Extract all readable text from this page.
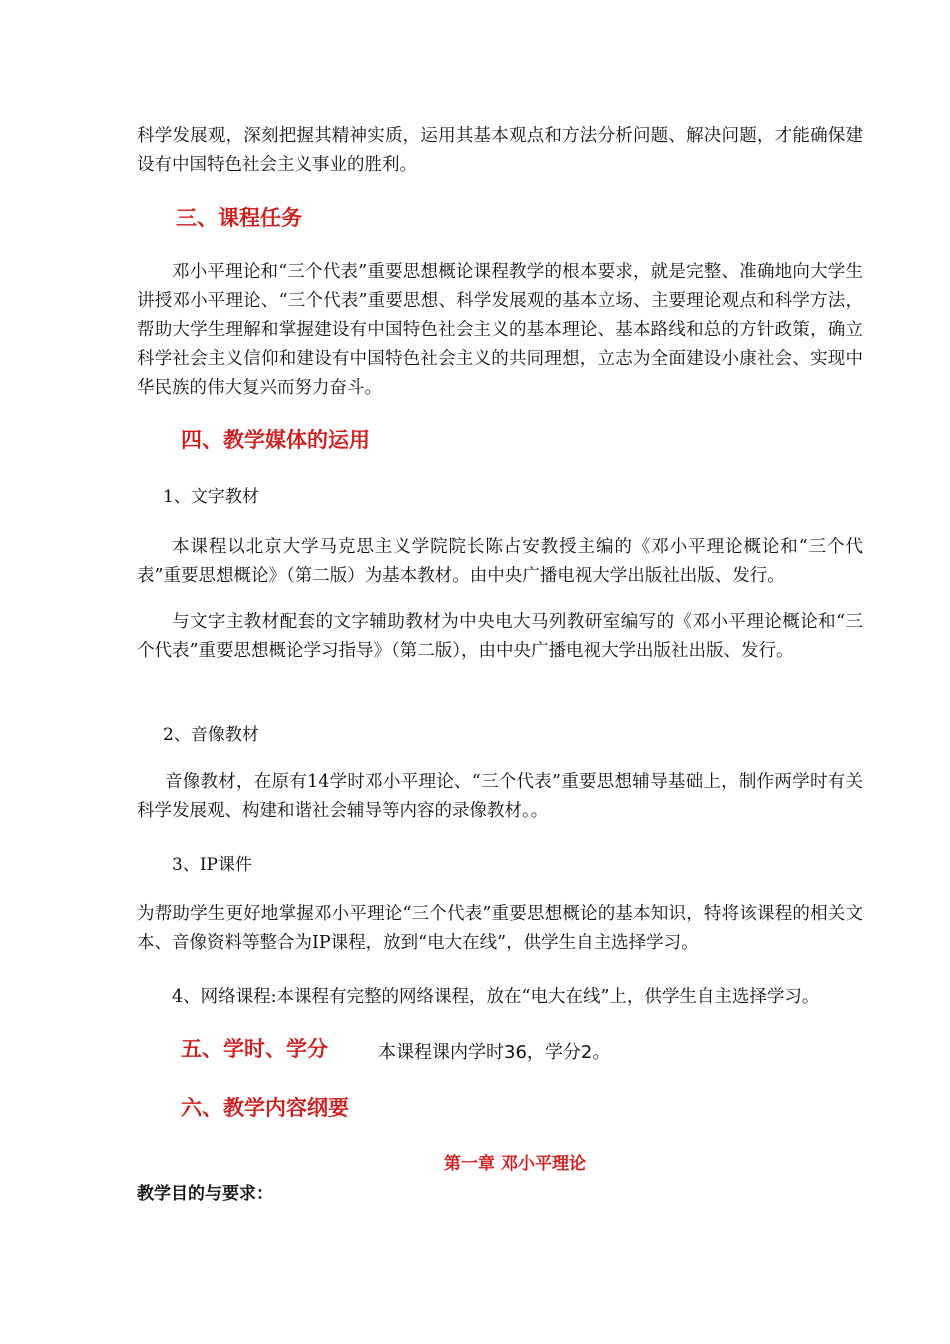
科学发展观，深刻把握其精神实质，运用其基本观点和方法分析问题、解决问题，才能确保建设有中国特色社会主义事业的胜利。

三、课程任务

邓小平理论和“三个代表”重要思想概论课程教学的根本要求，就是完整、准确地向大学生讲授邓小平理论、“三个代表”重要思想、科学发展观的基本立场、主要理论观点和科学方法，帮助大学生理解和掌握建设有中国特色社会主义的基本理论、基本路线和总的方针政策，确立科学社会主义信仰和建设有中国特色社会主义的共同理想，立志为全面建设小康社会、实现中华民族的伟大复兴而努力奋斗。

四、教学媒体的运用

1、文字教材

本课程以北京大学马克思主义学院院长陈占安教授主编的《邓小平理论概论和“三个代表”重要思想概论》（第二版）为基本教材。由中央广播电视大学出版社出版、发行。

与文字主教材配套的文字辅助教材为中央电大马列教研室编写的《邓小平理论概论和“三个代表”重要思想概论学习指导》（第二版），由中央广播电视大学出版社出版、发行。

2、音像教材

音像教材，在原有14学时邓小平理论、“三个代表”重要思想辅导基础上，制作两学时有关科学发展观、构建和谐社会辅导等内容的录像教材。。

3、IP课件

为帮助学生更好地掌握邓小平理论“三个代表”重要思想概论的基本知识，特将该课程的相关文本、音像资料等整合为IP课程，放到“电大在线”，供学生自主选择学习。

4、网络课程:本课程有完整的网络课程，放在“电大在线”上，供学生自主选择学习。

五、学时、学分	本课程课内学时36，学分2。

六、教学内容纲要

第一章 邓小平理论

教学目的与要求：
